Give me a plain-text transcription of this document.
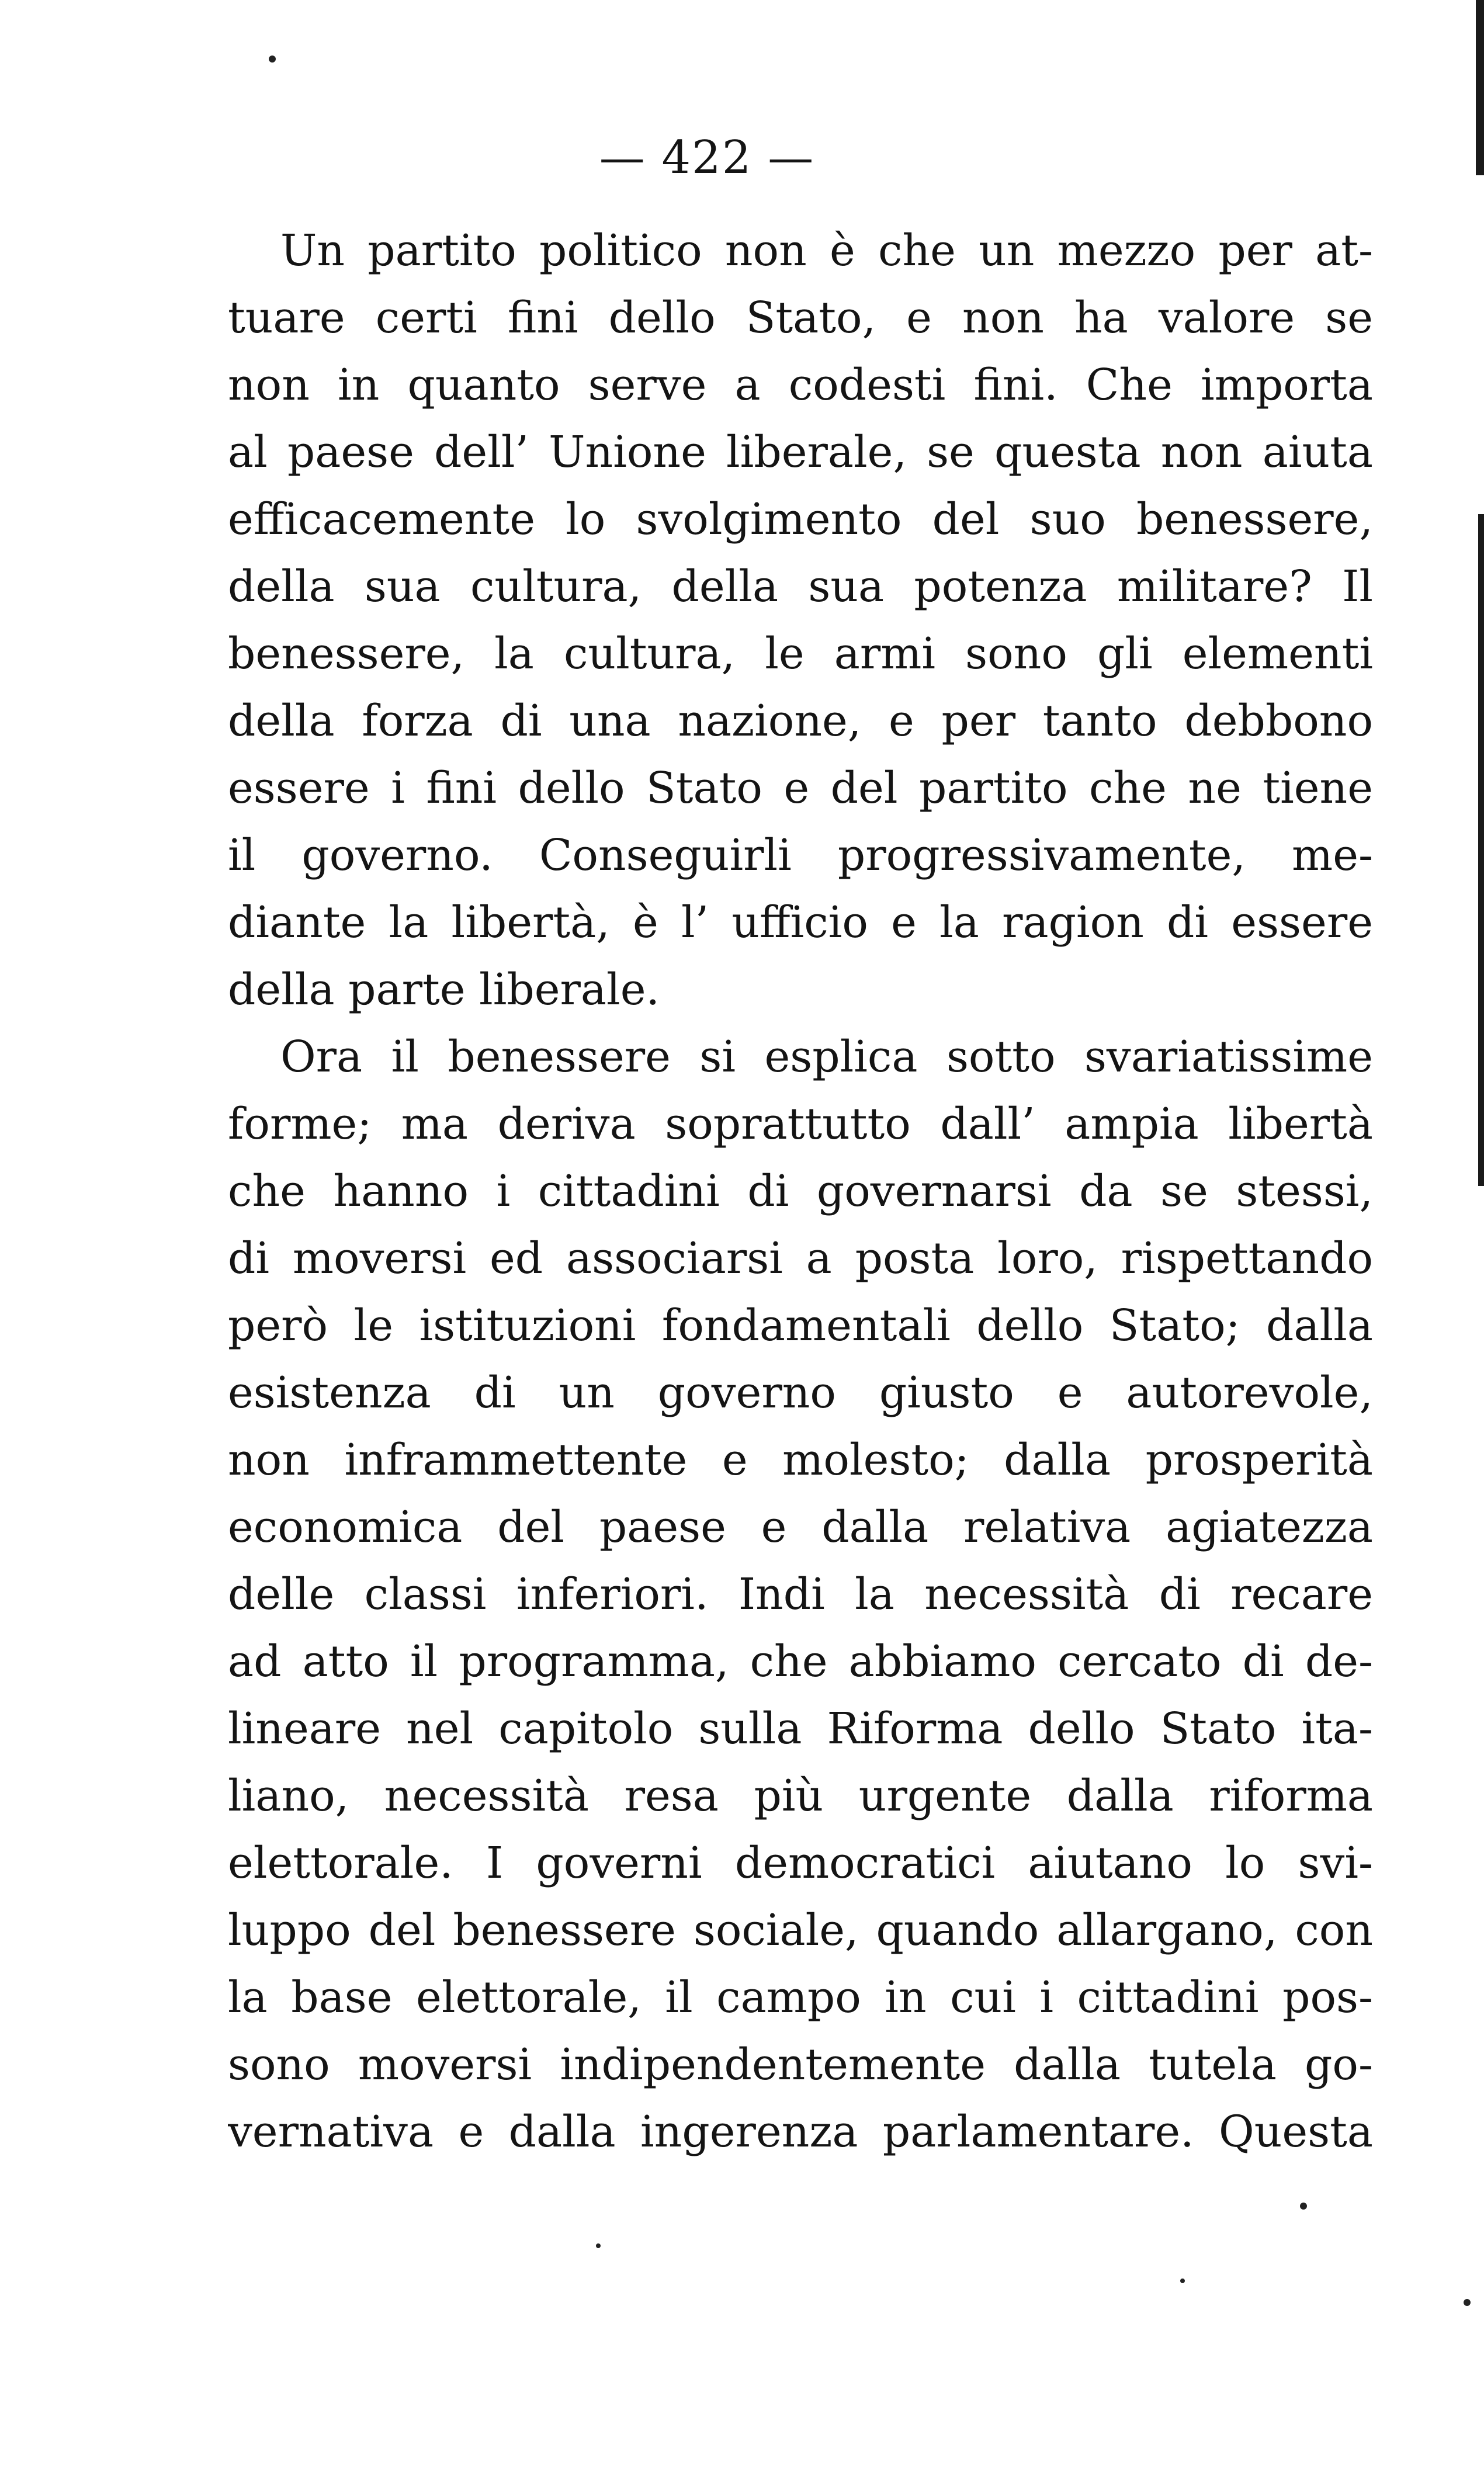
— 422 —
Un partito politico non è che un mezzo per at-
tuare certi fini dello Stato, e non ha valore se
non in quanto serve a codesti fini. Che importa
al paese dell’ Unione liberale, se questa non aiuta
efficacemente lo svolgimento del suo benessere,
della sua cultura, della sua potenza militare? Il
benessere, la cultura, le armi sono gli elementi
della forza di una nazione, e per tanto debbono
essere i fini dello Stato e del partito che ne tiene
il governo. Conseguirli progressivamente, me-
diante la libertà, è l’ ufficio e la ragion di essere
della parte liberale.
Ora il benessere si esplica sotto svariatissime
forme; ma deriva soprattutto dall’ ampia libertà
che hanno i cittadini di governarsi da se stessi,
di moversi ed associarsi a posta loro, rispettando
però le istituzioni fondamentali dello Stato; dalla
esistenza di un governo giusto e autorevole,
non inframmettente e molesto; dalla prosperità
economica del paese e dalla relativa agiatezza
delle classi inferiori. Indi la necessità di recare
ad atto il programma, che abbiamo cercato di de-
lineare nel capitolo sulla Riforma dello Stato ita-
liano, necessità resa più urgente dalla riforma
elettorale. I governi democratici aiutano lo svi-
luppo del benessere sociale, quando allargano, con
la base elettorale, il campo in cui i cittadini pos-
sono moversi indipendentemente dalla tutela go-
vernativa e dalla ingerenza parlamentare. Questa
